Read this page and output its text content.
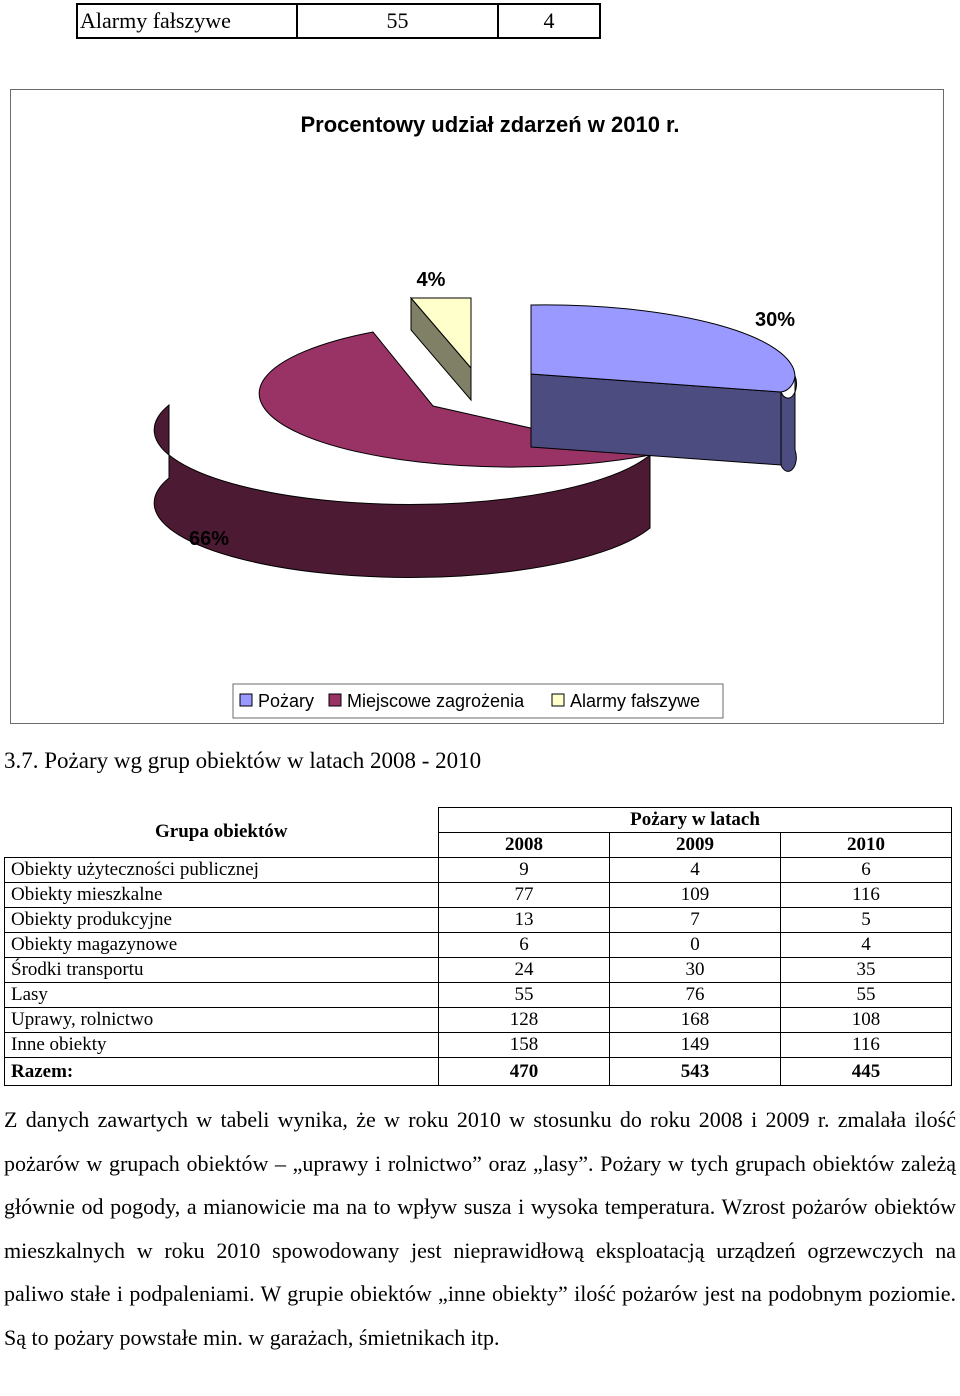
Alarmy fałszywe	55	4
Procentowy udział zdarzeń w 2010 r.
4%
30%
66%
Pożary Miejscowe zagrożenia	Alarmy fałszywe
3.7. Pożary wg grup obiektów w latach 2008 - 2010
Grupa obiektów	Pożary w latach		
	2008	2009	2010
Obiekty użyteczności publicznej	9	4	6
Obiekty mieszkalne	77	109	116
Obiekty produkcyjne	13	7	5
Obiekty magazynowe	6	0	4
Środki transportu	24	30	35
Lasy	55	76	55
Uprawy, rolnictwo	128	168	108
Inne obiekty	158	149	116
Razem:	470	543	445

Z danych zawartych w tabeli wynika, że w roku 2010 w stosunku do roku 2008 i 2009 r. zmalała ilość pożarów w grupach obiektów – „uprawy i rolnictwo” oraz „lasy”. Pożary w tych grupach obiektów zależą głównie od pogody, a mianowicie ma na to wpływ susza i wysoka temperatura. Wzrost pożarów obiektów mieszkalnych w roku 2010 spowodowany jest nieprawidłową eksploatacją urządzeń ogrzewczych na paliwo stałe i podpaleniami. W grupie obiektów „inne obiekty” ilość pożarów jest na podobnym poziomie. Są to pożary powstałe min. w garażach, śmietnikach itp.
